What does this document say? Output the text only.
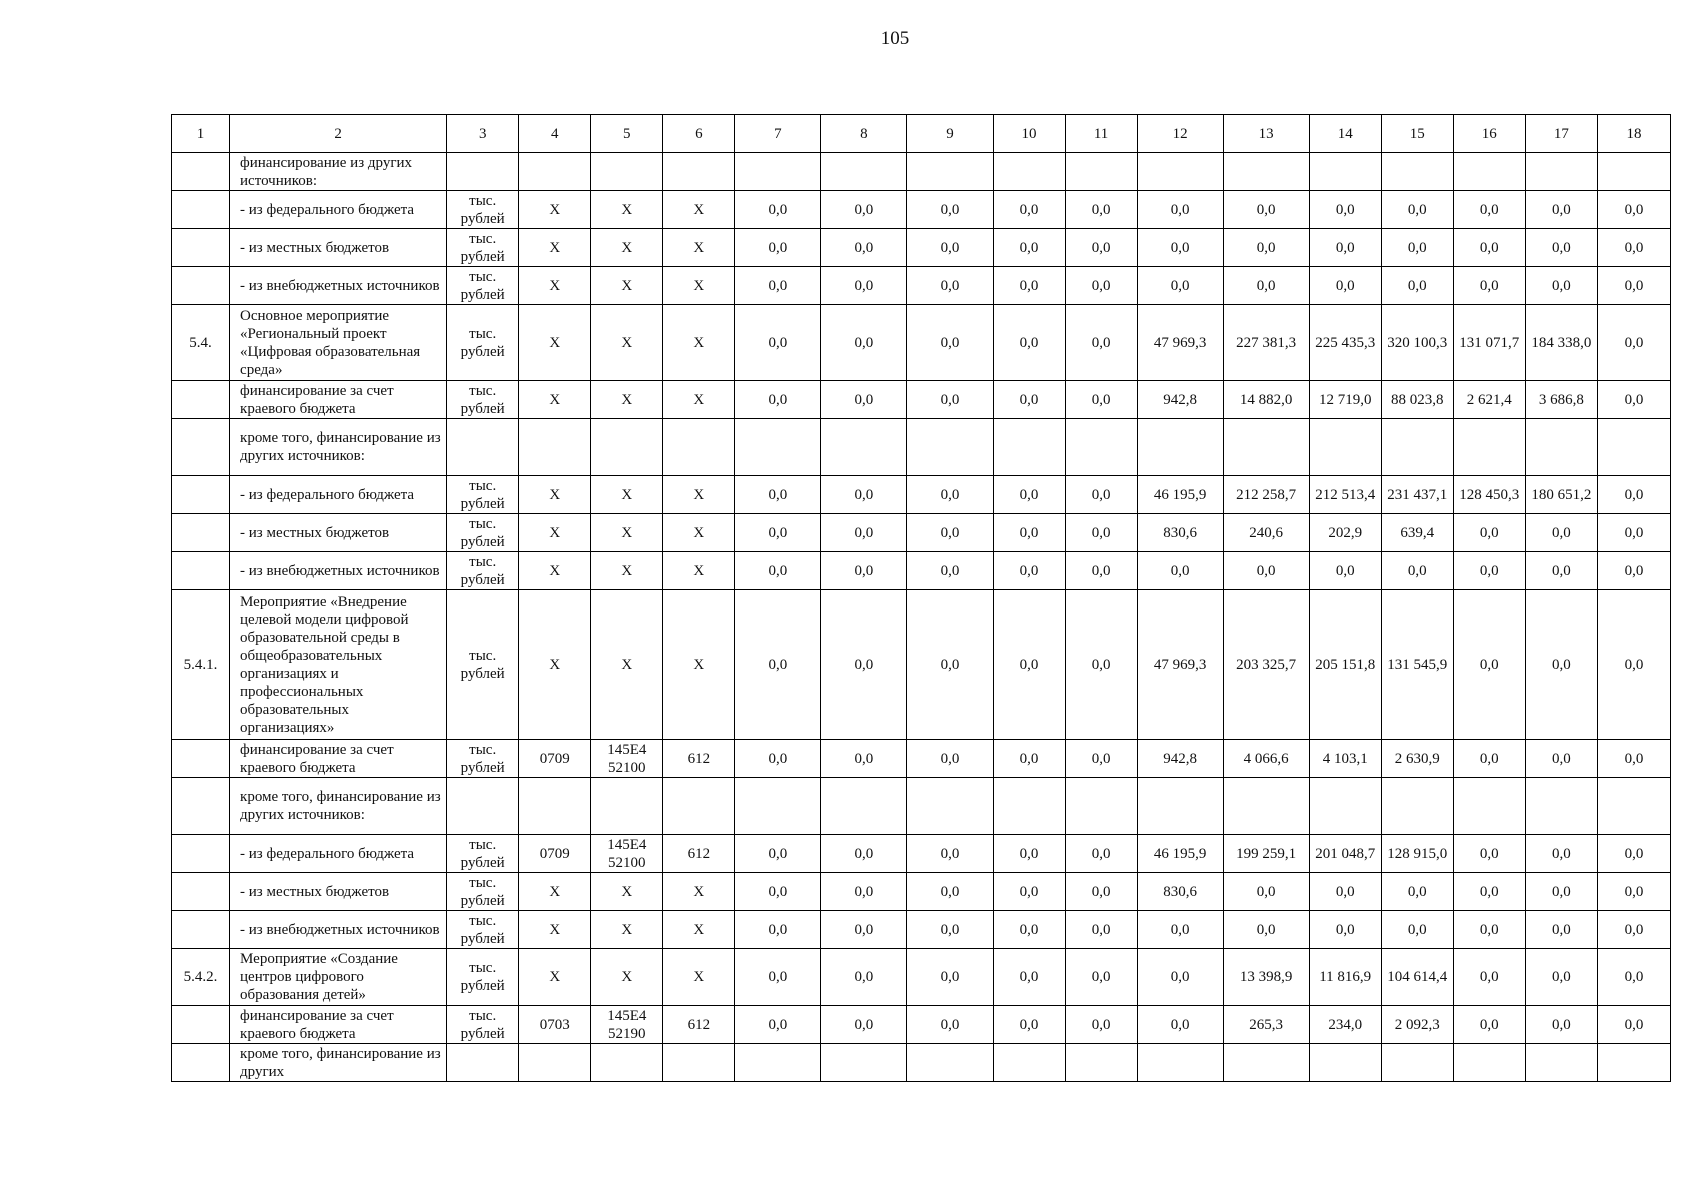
105
1	2	3	4	5	6	7	8	9	10	11	12	13	14	15	16	17	18
	финансирование из других источников:																
	- из федерального бюджета	тыс. рублей	Х	Х	Х	0,0	0,0	0,0	0,0	0,0	0,0	0,0	0,0	0,0	0,0	0,0	0,0
	- из местных бюджетов	тыс. рублей	Х	Х	Х	0,0	0,0	0,0	0,0	0,0	0,0	0,0	0,0	0,0	0,0	0,0	0,0
	- из внебюджетных источников	тыс. рублей	Х	Х	Х	0,0	0,0	0,0	0,0	0,0	0,0	0,0	0,0	0,0	0,0	0,0	0,0
5.4.	Основное мероприятие «Региональный проект «Цифровая образовательная среда»	тыс. рублей	Х	Х	Х	0,0	0,0	0,0	0,0	0,0	47 969,3	227 381,3	225 435,3	320 100,3	131 071,7	184 338,0	0,0
	финансирование за счет краевого бюджета	тыс. рублей	Х	Х	Х	0,0	0,0	0,0	0,0	0,0	942,8	14 882,0	12 719,0	88 023,8	2 621,4	3 686,8	0,0
	кроме того, финансирование из других источников:																
	- из федерального бюджета	тыс. рублей	Х	Х	Х	0,0	0,0	0,0	0,0	0,0	46 195,9	212 258,7	212 513,4	231 437,1	128 450,3	180 651,2	0,0
	- из местных бюджетов	тыс. рублей	Х	Х	Х	0,0	0,0	0,0	0,0	0,0	830,6	240,6	202,9	639,4	0,0	0,0	0,0
	- из внебюджетных источников	тыс. рублей	Х	Х	Х	0,0	0,0	0,0	0,0	0,0	0,0	0,0	0,0	0,0	0,0	0,0	0,0
5.4.1.	Мероприятие «Внедрение целевой модели цифровой образовательной среды в общеобразовательных организациях и профессиональных образовательных организациях»	тыс. рублей	Х	Х	Х	0,0	0,0	0,0	0,0	0,0	47 969,3	203 325,7	205 151,8	131 545,9	0,0	0,0	0,0
	финансирование за счет краевого бюджета	тыс. рублей	0709	145Е4 52100	612	0,0	0,0	0,0	0,0	0,0	942,8	4 066,6	4 103,1	2 630,9	0,0	0,0	0,0
	кроме того, финансирование из других источников:																
	- из федерального бюджета	тыс. рублей	0709	145Е4 52100	612	0,0	0,0	0,0	0,0	0,0	46 195,9	199 259,1	201 048,7	128 915,0	0,0	0,0	0,0
	- из местных бюджетов	тыс. рублей	Х	Х	Х	0,0	0,0	0,0	0,0	0,0	830,6	0,0	0,0	0,0	0,0	0,0	0,0
	- из внебюджетных источников	тыс. рублей	Х	Х	Х	0,0	0,0	0,0	0,0	0,0	0,0	0,0	0,0	0,0	0,0	0,0	0,0
5.4.2.	Мероприятие «Создание центров цифрового образования детей»	тыс. рублей	Х	Х	Х	0,0	0,0	0,0	0,0	0,0	0,0	13 398,9	11 816,9	104 614,4	0,0	0,0	0,0
	финансирование за счет краевого бюджета	тыс. рублей	0703	145Е4 52190	612	0,0	0,0	0,0	0,0	0,0	0,0	265,3	234,0	2 092,3	0,0	0,0	0,0
	кроме того, финансирование из других																
